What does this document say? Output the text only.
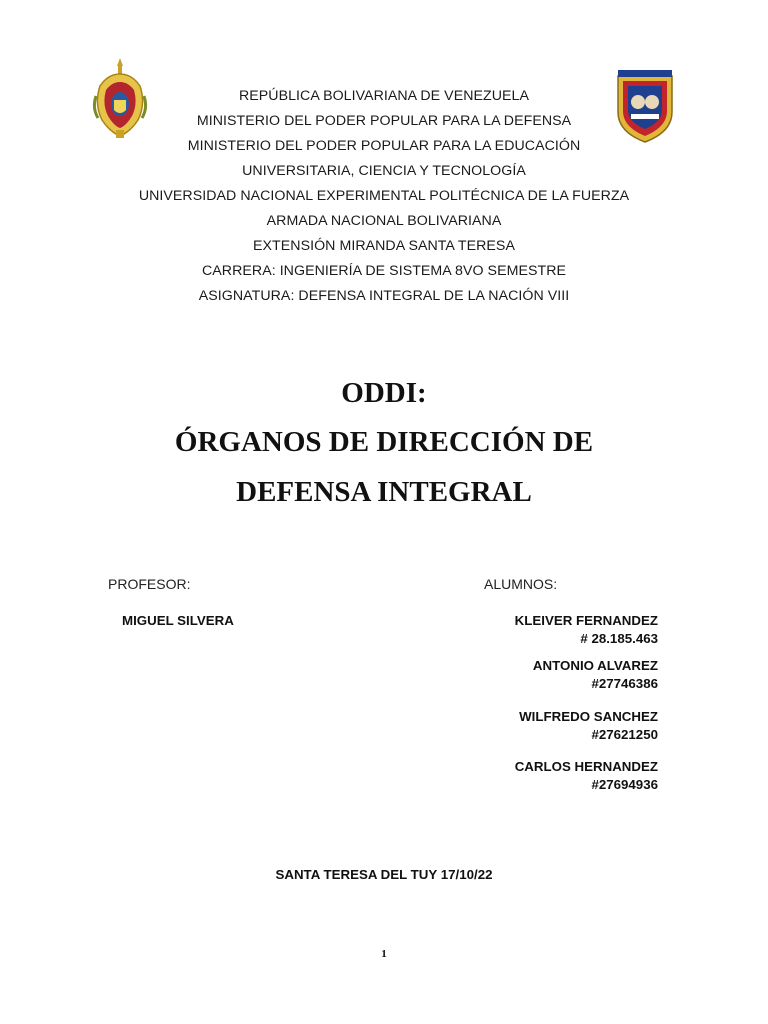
REPÚBLICA BOLIVARIANA DE VENEZUELA
MINISTERIO DEL PODER POPULAR PARA LA DEFENSA
MINISTERIO DEL PODER POPULAR PARA LA EDUCACIÓN
UNIVERSITARIA, CIENCIA Y TECNOLOGÍA
UNIVERSIDAD NACIONAL EXPERIMENTAL POLITÉCNICA DE LA FUERZA
ARMADA NACIONAL BOLIVARIANA
EXTENSIÓN MIRANDA SANTA TERESA
CARRERA: INGENIERÍA DE SISTEMA 8VO SEMESTRE
ASIGNATURA: DEFENSA INTEGRAL DE LA NACIÓN VIII
ODDI:
ÓRGANOS DE DIRECCIÓN DE
DEFENSA INTEGRAL
PROFESOR:	ALUMNOS:
MIGUEL SILVERA	KLEIVER FERNANDEZ
# 28.185.463
ANTONIO ALVAREZ
#27746386
WILFREDO SANCHEZ
#27621250
CARLOS HERNANDEZ
#27694936
SANTA TERESA DEL TUY 17/10/22
1
